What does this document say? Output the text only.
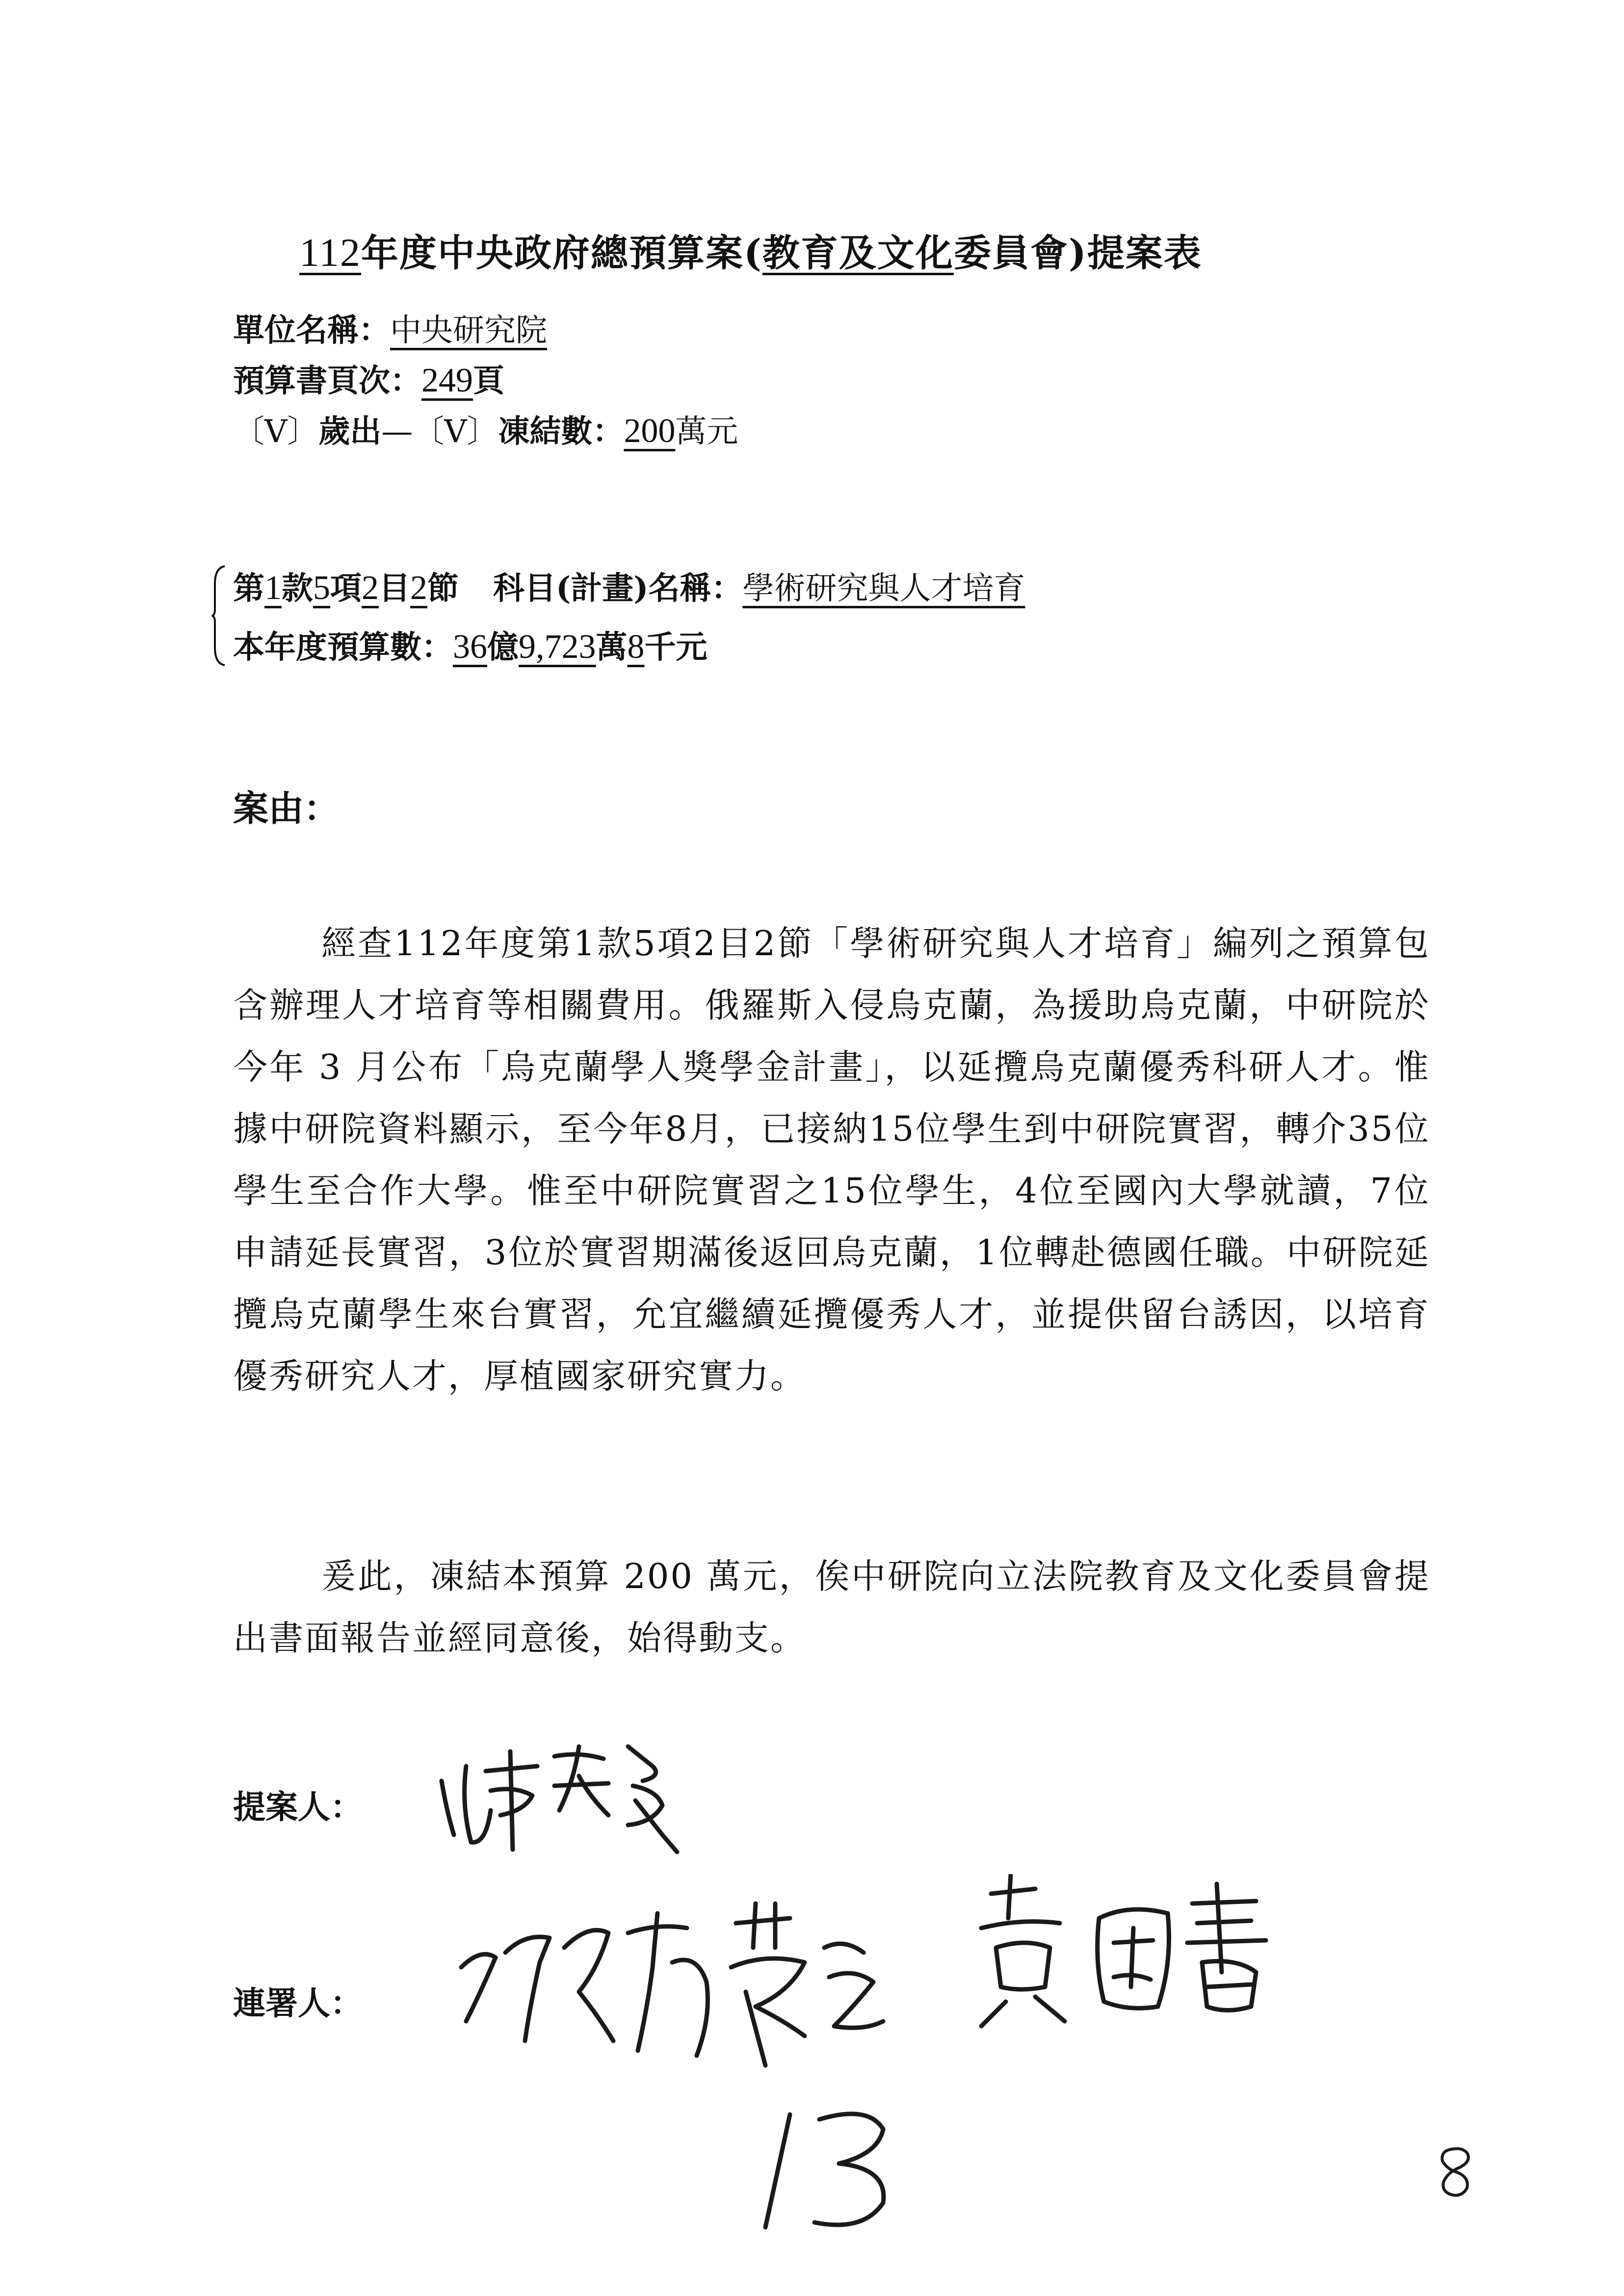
112年度中央政府總預算案(教育及文化委員會)提案表
單位名稱：中央研究院
預算書頁次：249頁
〔V〕歲出—〔V〕凍結數：200萬元
第1款5項2目2節 科目(計畫)名稱：學術研究與人才培育
本年度預算數：36億9,723萬8千元
案由：
經查112年度第1款5項2目2節「學術研究與人才培育」編列之預算包含辦理人才培育等相關費用。俄羅斯入侵烏克蘭，為援助烏克蘭，中研院於今年 3 月公布「烏克蘭學人獎學金計畫」，以延攬烏克蘭優秀科研人才。惟據中研院資料顯示，至今年8月，已接納15位學生到中研院實習，轉介35位學生至合作大學。惟至中研院實習之15位學生，4位至國內大學就讀，7位申請延長實習，3位於實習期滿後返回烏克蘭，1位轉赴德國任職。中研院延攬烏克蘭學生來台實習，允宜繼續延攬優秀人才，並提供留台誘因，以培育優秀研究人才，厚植國家研究實力。
爰此，凍結本預算 200 萬元，俟中研院向立法院教育及文化委員會提出書面報告並經同意後，始得動支。
提案人：
連署人：
